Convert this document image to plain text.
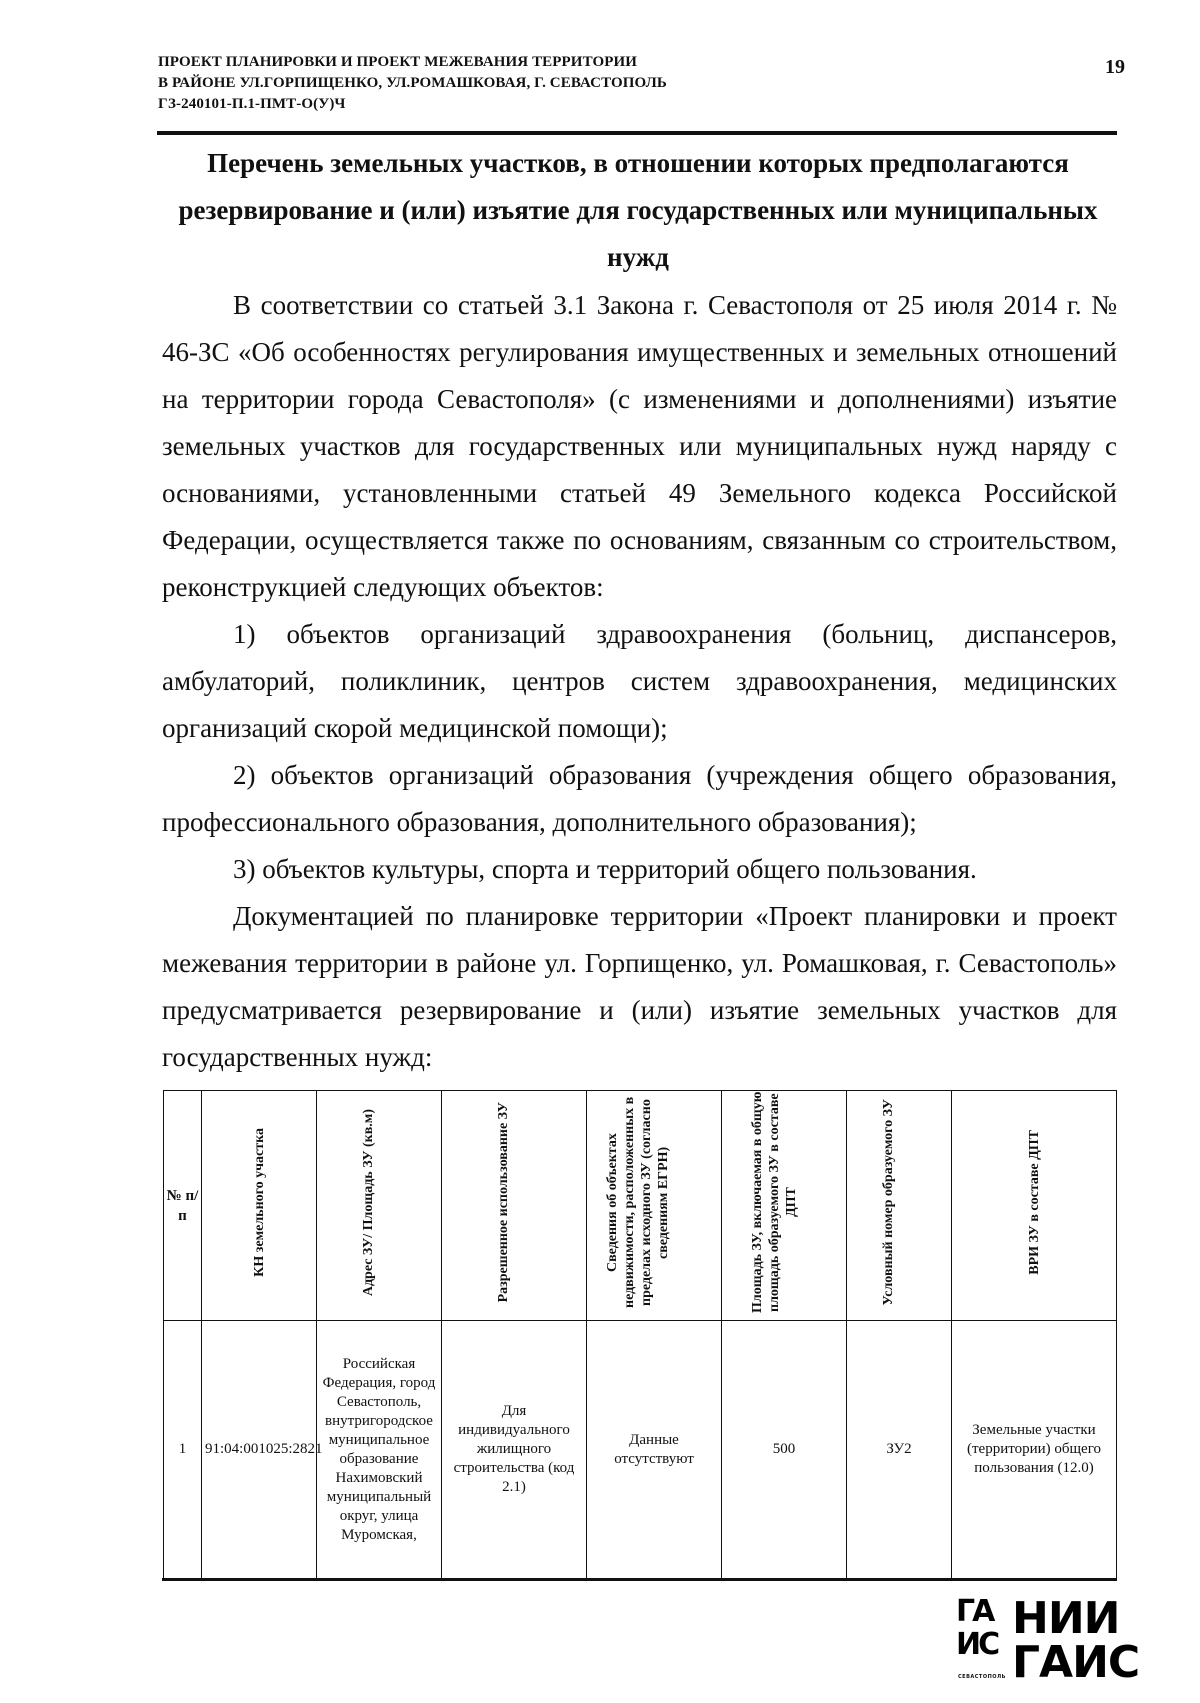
ПРОЕКТ ПЛАНИРОВКИ И ПРОЕКТ МЕЖЕВАНИЯ ТЕРРИТОРИИ
В РАЙОНЕ УЛ.ГОРПИЩЕНКО, УЛ.РОМАШКОВАЯ, Г. СЕВАСТОПОЛЬ
ГЗ-240101-П.1-ПМТ-О(У)Ч
19
Перечень земельных участков, в отношении которых предполагаются резервирование и (или) изъятие для государственных или муниципальных нужд

В соответствии со статьей 3.1 Закона г. Севастополя от 25 июля 2014 г. № 46-ЗС «Об особенностях регулирования имущественных и земельных отношений на территории города Севастополя» (с изменениями и дополнениями) изъятие земельных участков для государственных или муниципальных нужд наряду с основаниями, установленными статьей 49 Земельного кодекса Российской Федерации, осуществляется также по основаниям, связанным со строительством, реконструкцией следующих объектов:

1) объектов организаций здравоохранения (больниц, диспансеров, амбулаторий, поликлиник, центров систем здравоохранения, медицинских организаций скорой медицинской помощи);

2) объектов организаций образования (учреждения общего образования, профессионального образования, дополнительного образования);

3) объектов культуры, спорта и территорий общего пользования.

Документацией по планировке территории «Проект планировки и проект межевания территории в районе ул. Горпищенко, ул. Ромашковая, г. Севастополь» предусматривается резервирование и (или) изъятие земельных участков для государственных нужд:

№ п/п	КН земельного участка	Адрес ЗУ/ Площадь ЗУ (кв.м)	Разрешенное использование ЗУ	Сведения об объектах недвижимости, расположенных в пределах исходного ЗУ (согласно сведениям ЕГРН)	Площадь ЗУ, включаемая в общую площадь образуемого ЗУ в составе ДПТ	Условный номер образуемого ЗУ	ВРИ ЗУ в составе ДПТ
1	91:04:001025:2821	Российская Федерация, город Севастополь, внутригородское муниципальное образование Нахимовский муниципальный округ, улица Муромская,	Для индивидуального жилищного строительства (код 2.1)	Данные отсутствуют	500	ЗУ2	Земельные участки (территории) общего пользования (12.0)
ГА
ИС
СЕВАСТОПОЛЬ
НИИ
ГАИС
